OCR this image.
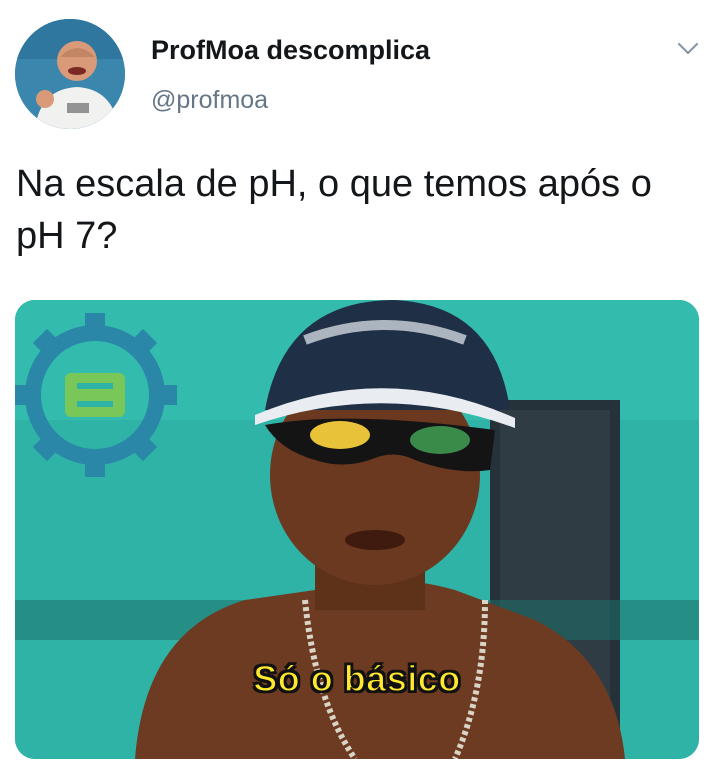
ProfMoa descomplica
@profmoa
Na escala de pH, o que temos após o pH 7?
Só o básico
